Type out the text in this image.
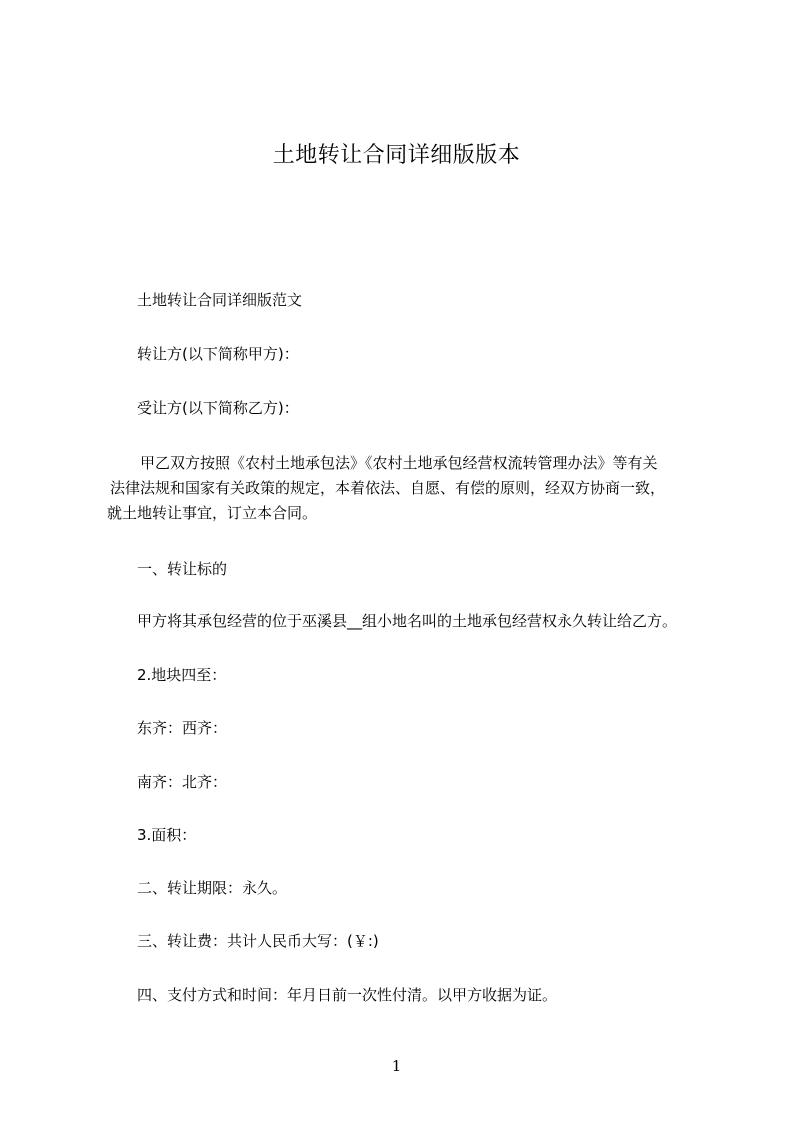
土地转让合同详细版版本
土地转让合同详细版范文
转让方(以下简称甲方)：
受让方(以下简称乙方)：
甲乙双方按照《农村土地承包法》《农村土地承包经营权流转管理办法》等有关
法律法规和国家有关政策的规定，本着依法、自愿、有偿的原则，经双方协商一致，
就土地转让事宜，订立本合同。
一、转让标的
甲方将其承包经营的位于巫溪县__组小地名叫的土地承包经营权永久转让给乙方。
2.地块四至：
东齐：西齐：
南齐：北齐：
3.面积：
二、转让期限：永久。
三、转让费：共计人民币大写：(￥:)
四、支付方式和时间：年月日前一次性付清。以甲方收据为证。
1
